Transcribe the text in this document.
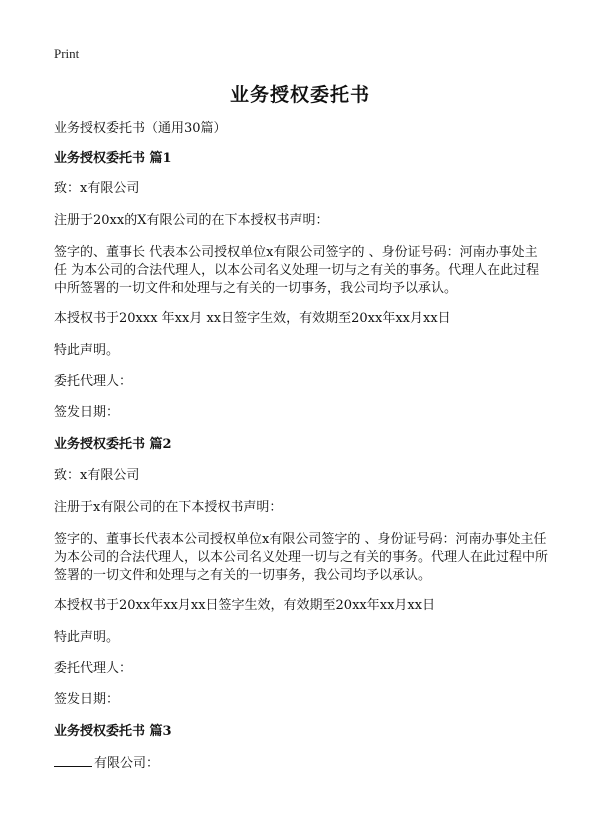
Print
业务授权委托书
业务授权委托书（通用30篇）
业务授权委托书 篇1
致：x有限公司
注册于20xx的X有限公司的在下本授权书声明：
签字的、董事长 代表本公司授权单位x有限公司签字的 、身份证号码：河南办事处主任 为本公司的合法代理人，以本公司名义处理一切与之有关的事务。代理人在此过程中所签署的一切文件和处理与之有关的一切事务，我公司均予以承认。
本授权书于20xxx 年xx月 xx日签字生效，有效期至20xx年xx月xx日
特此声明。
委托代理人：
签发日期：
业务授权委托书 篇2
致：x有限公司
注册于x有限公司的在下本授权书声明：
签字的、董事长代表本公司授权单位x有限公司签字的 、身份证号码：河南办事处主任为本公司的合法代理人，以本公司名义处理一切与之有关的事务。代理人在此过程中所签署的一切文件和处理与之有关的一切事务，我公司均予以承认。
本授权书于20xx年xx月xx日签字生效，有效期至20xx年xx月xx日
特此声明。
委托代理人：
签发日期：
业务授权委托书 篇3
有限公司：
